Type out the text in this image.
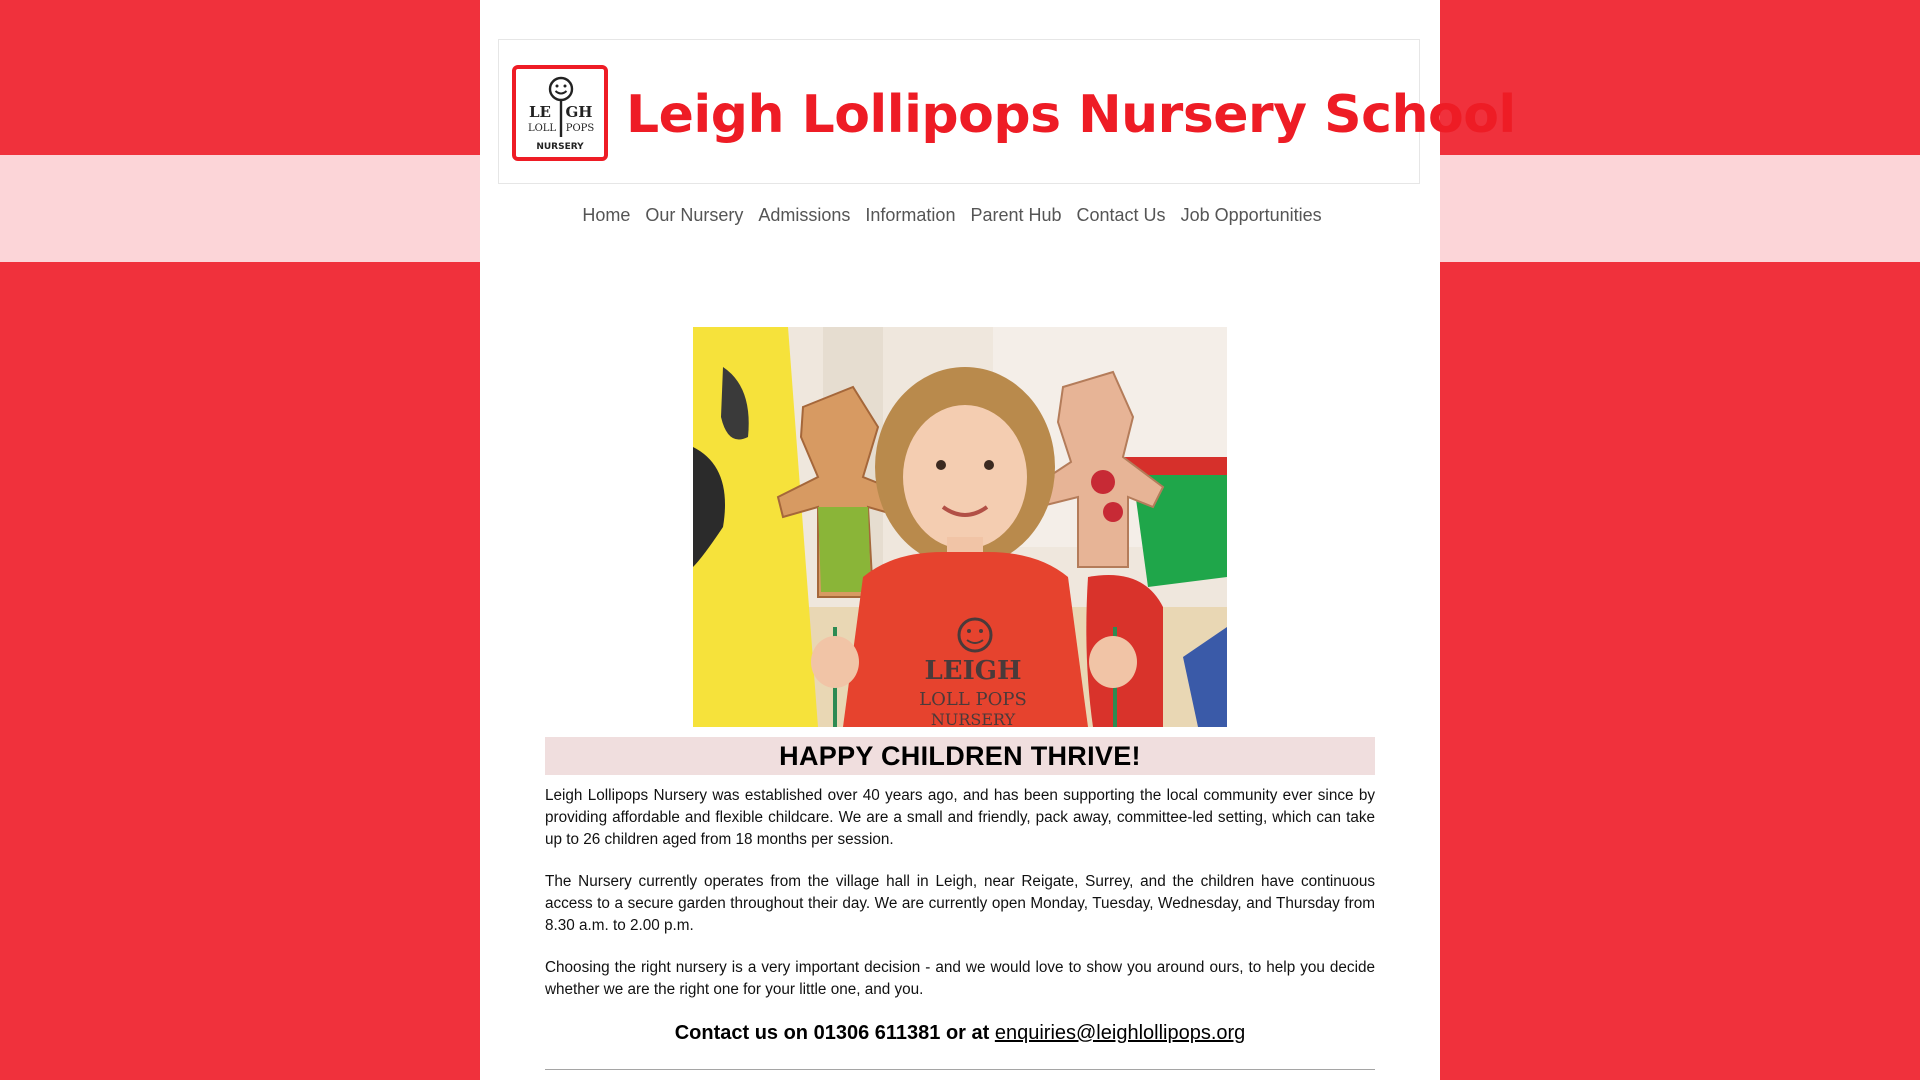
LE GH
LOLL POPS
NURSERY
Leigh Lollipops Nursery School
Home Our Nursery Admissions Information Parent Hub Contact Us Job Opportunities
LEIGH
LOLL POPS
NURSERY
HAPPY CHILDREN THRIVE!

Leigh Lollipops Nursery was established over 40 years ago, and has been supporting the local community ever since by providing affordable and flexible childcare. We are a small and friendly, pack away, committee-led setting, which can take up to 26 children aged from 18 months per session.

The Nursery currently operates from the village hall in Leigh, near Reigate, Surrey, and the children have continuous access to a secure garden throughout their day. We are currently open Monday, Tuesday, Wednesday, and Thursday from 8.30 a.m. to 2.00 p.m.

Choosing the right nursery is a very important decision - and we would love to show you around ours, to help you decide whether we are the right one for your little one, and you.

Contact us on 01306 611381 or at enquiries@leighlollipops.org
